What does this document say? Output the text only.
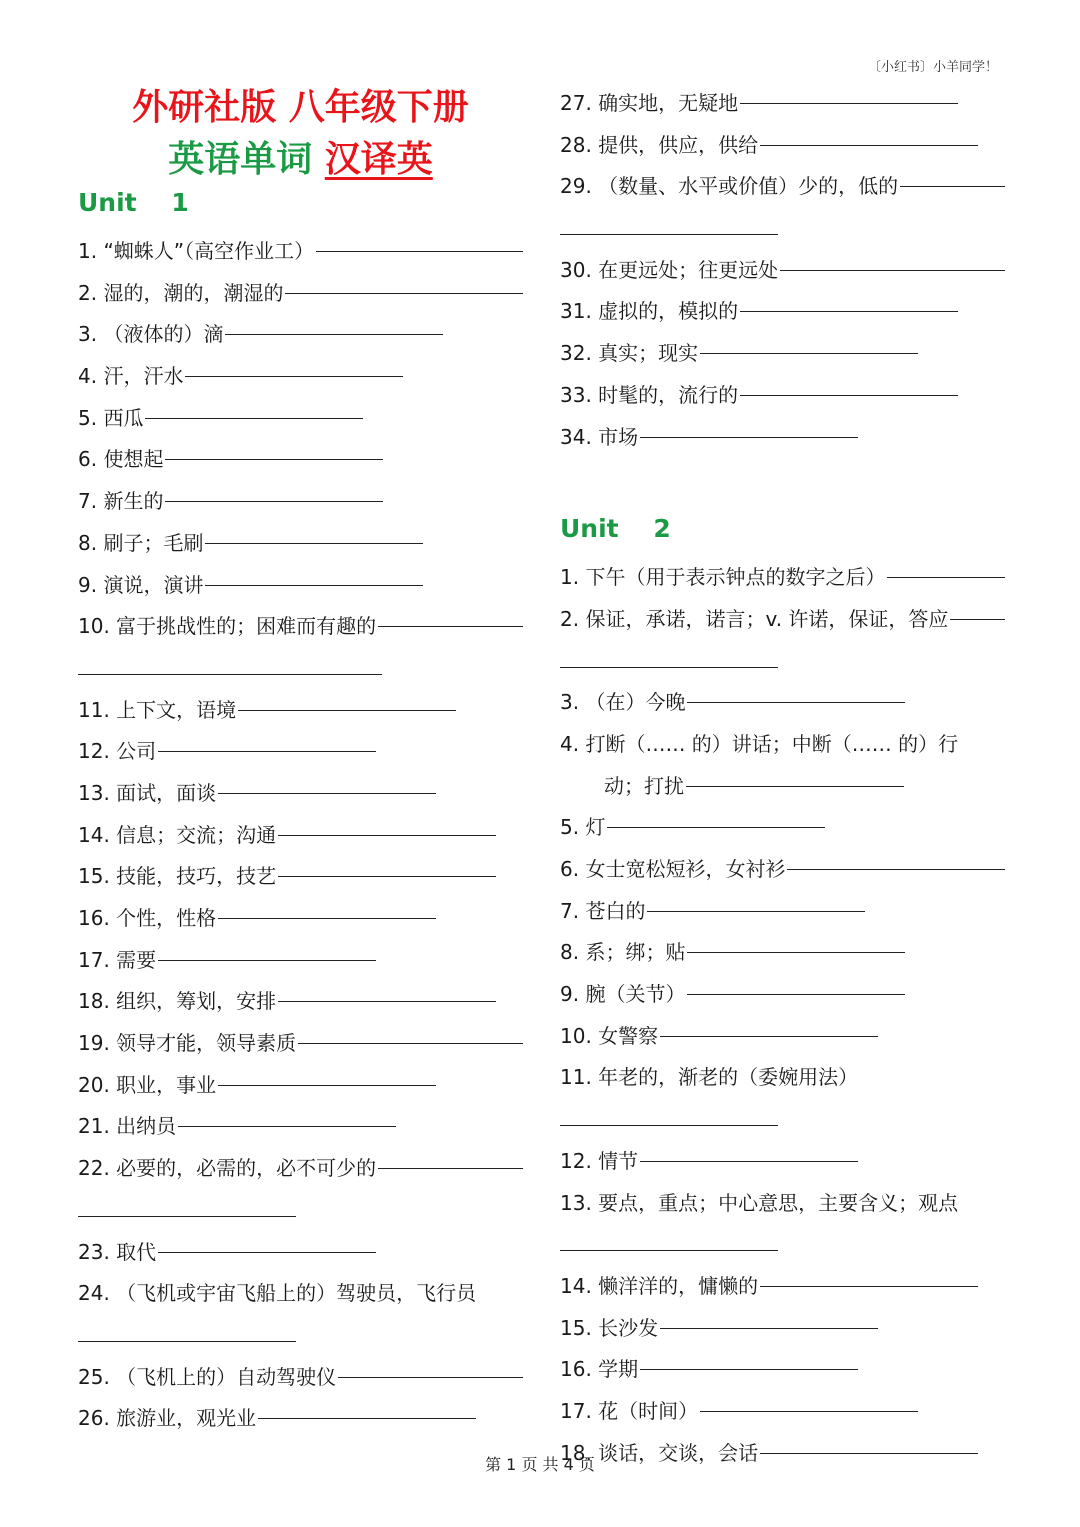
〔小红书〕小羊同学！
外研社版 八年级下册
英语单词 汉译英
Unit    1
1. “蜘蛛人”（高空作业工）
2. 湿的，潮的，潮湿的
3. （液体的）滴
4. 汗，汗水
5. 西瓜
6. 使想起
7. 新生的
8. 刷子；毛刷
9. 演说，演讲
10. 富于挑战性的；困难而有趣的
11. 上下文，语境
12. 公司
13. 面试，面谈
14. 信息；交流；沟通
15. 技能，技巧，技艺
16. 个性，性格
17. 需要
18. 组织，筹划，安排
19. 领导才能，领导素质
20. 职业，事业
21. 出纳员
22. 必要的，必需的，必不可少的
23. 取代
24. （飞机或宇宙飞船上的）驾驶员，飞行员
25. （飞机上的）自动驾驶仪
26. 旅游业，观光业
27. 确实地，无疑地
28. 提供，供应，供给
29. （数量、水平或价值）少的，低的
30. 在更远处；往更远处
31. 虚拟的，模拟的
32. 真实；现实
33. 时髦的，流行的
34. 市场
Unit    2
1. 下午（用于表示钟点的数字之后）
2. 保证，承诺，诺言；v. 许诺，保证，答应
3. （在）今晚
4. 打断（…… 的）讲话；中断（…… 的）行
动；打扰
5. 灯
6. 女士宽松短衫，女衬衫
7. 苍白的
8. 系；绑；贴
9. 腕（关节）
10. 女警察
11. 年老的，渐老的（委婉用法）
12. 情节
13. 要点，重点；中心意思，主要含义；观点
14. 懒洋洋的，慵懒的
15. 长沙发
16. 学期
17. 花（时间）
18. 谈话，交谈，会话
第 1 页 共 4 页
